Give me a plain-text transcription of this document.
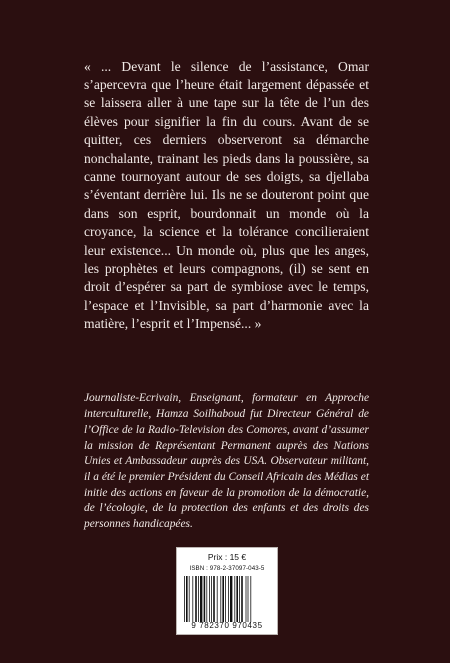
« ... Devant le silence de l’assistance, Omar s’apercevra que l’heure était largement dépassée et se laissera aller à une tape sur la tête de l’un des élèves pour signifier la fin du cours. Avant de se quitter, ces derniers observeront sa démarche nonchalante, trainant les pieds dans la poussière, sa canne tournoyant autour de ses doigts, sa djellaba s’éventant derrière lui. Ils ne se douteront point que dans son esprit, bourdonnait un monde où la croyance, la science et la tolérance concilieraient leur existence... Un monde où, plus que les anges, les prophètes et leurs compagnons, (il) se sent en droit d’espérer sa part de symbiose avec le temps, l’espace et l’Invisible, sa part d’harmonie avec la matière, l’esprit et l’Impensé... »

Journaliste-Ecrivain, Enseignant, formateur en Approche interculturelle, Hamza Soilhaboud fut Directeur Général de l’Office de la Radio-Television des Comores, avant d’assumer la mission de Représentant Permanent auprès des Nations Unies et Ambassadeur auprès des USA. Observateur militant, il a été le premier Président du Conseil Africain des Médias et initie des actions en faveur de la promotion de la démocratie, de l’écologie, de la protection des enfants et des droits des personnes handicapées.

Prix : 15 €
ISBN : 978-2-37097-043-5
9 782370 970435
